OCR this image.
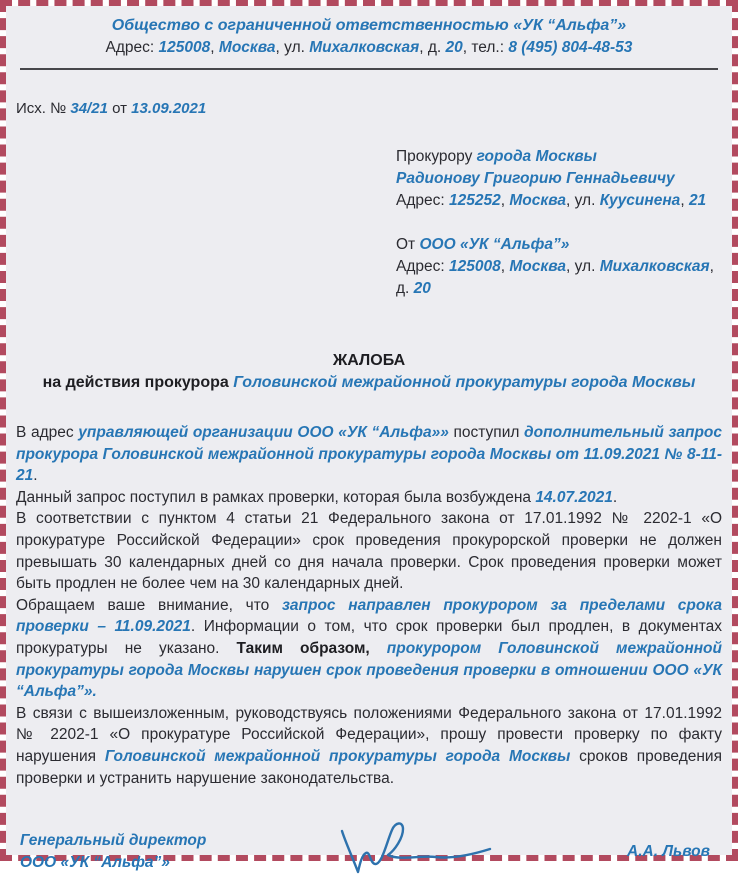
Общество с ограниченной ответственностью «УК “Альфа”»
Адрес: 125008, Москва, ул. Михалковская, д. 20, тел.: 8 (495) 804-48-53
Исх. № 34/21 от 13.09.2021
Прокурору города Москвы
Радионову Григорию Геннадьевичу
Адрес: 125252, Москва, ул. Куусинена, 21
От ООО «УК “Альфа”»
Адрес: 125008, Москва, ул. Михалковская, д. 20
ЖАЛОБА
на действия прокурора Головинской межрайонной прокуратуры города Москвы

В адрес управляющей организации ООО «УК “Альфа»» поступил дополнительный запрос прокурора Головинской межрайонной прокуратуры города Москвы от 11.09.2021 № 8-11-21.

Данный запрос поступил в рамках проверки, которая была возбуждена 14.07.2021.

В соответствии с пунктом 4 статьи 21 Федерального закона от 17.01.1992 № 2202-1 «О прокуратуре Российской Федерации» срок проведения прокурорской проверки не должен превышать 30 календарных дней со дня начала проверки. Срок проведения проверки может быть продлен не более чем на 30 календарных дней.

Обращаем ваше внимание, что запрос направлен прокурором за пределами срока проверки – 11.09.2021. Информации о том, что срок проверки был продлен, в документах прокуратуры не указано. Таким образом, прокурором Головинской межрайонной прокуратуры города Москвы нарушен срок проведения проверки в отношении ООО «УК “Альфа”».

В связи с вышеизложенным, руководствуясь положениями Федерального закона от 17.01.1992 № 2202-1 «О прокуратуре Российской Федерации», прошу провести проверку по факту нарушения Головинской межрайонной прокуратуры города Москвы сроков проведения проверки и устранить нарушение законодательства.

Генеральный директор
ООО «УК “Альфа”»
А.А. Львов
